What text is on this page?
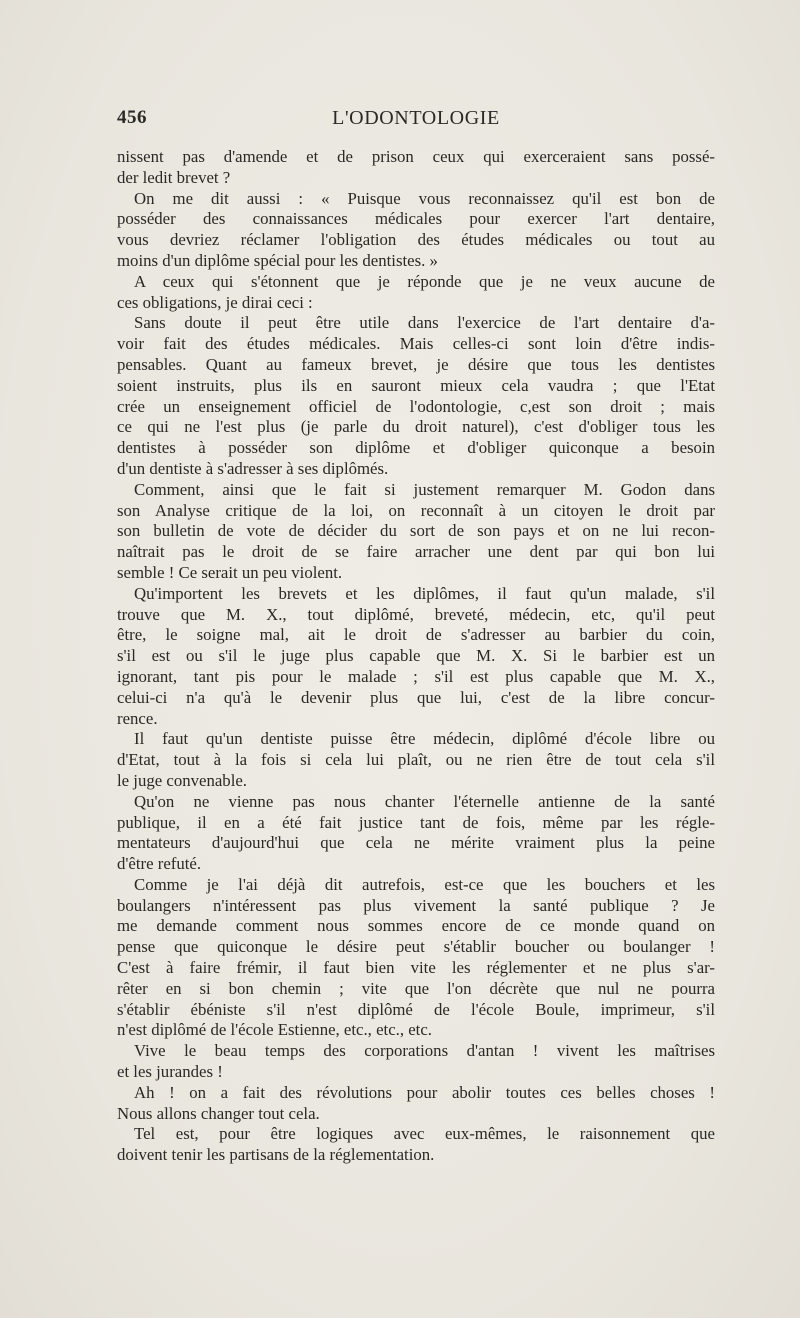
456	L'ODONTOLOGIE
nissent pas d'amende et de prison ceux qui exerceraient sans possé-
der ledit brevet ?
On me dit aussi : « Puisque vous reconnaissez qu'il est bon de
posséder des connaissances médicales pour exercer l'art dentaire,
vous devriez réclamer l'obligation des études médicales ou tout au
moins d'un diplôme spécial pour les dentistes. »
A ceux qui s'étonnent que je réponde que je ne veux aucune de
ces obligations, je dirai ceci :
Sans doute il peut être utile dans l'exercice de l'art dentaire d'a-
voir fait des études médicales. Mais celles-ci sont loin d'être indis-
pensables. Quant au fameux brevet, je désire que tous les dentistes
soient instruits, plus ils en sauront mieux cela vaudra ; que l'Etat
crée un enseignement officiel de l'odontologie, c,est son droit ; mais
ce qui ne l'est plus (je parle du droit naturel), c'est d'obliger tous les
dentistes à posséder son diplôme et d'obliger quiconque a besoin
d'un dentiste à s'adresser à ses diplômés.
Comment, ainsi que le fait si justement remarquer M. Godon dans
son Analyse critique de la loi, on reconnaît à un citoyen le droit par
son bulletin de vote de décider du sort de son pays et on ne lui recon-
naîtrait pas le droit de se faire arracher une dent par qui bon lui
semble ! Ce serait un peu violent.
Qu'importent les brevets et les diplômes, il faut qu'un malade, s'il
trouve que M. X., tout diplômé, breveté, médecin, etc, qu'il peut
être, le soigne mal, ait le droit de s'adresser au barbier du coin,
s'il est ou s'il le juge plus capable que M. X. Si le barbier est un
ignorant, tant pis pour le malade ; s'il est plus capable que M. X.,
celui-ci n'a qu'à le devenir plus que lui, c'est de la libre concur-
rence.
Il faut qu'un dentiste puisse être médecin, diplômé d'école libre ou
d'Etat, tout à la fois si cela lui plaît, ou ne rien être de tout cela s'il
le juge convenable.
Qu'on ne vienne pas nous chanter l'éternelle antienne de la santé
publique, il en a été fait justice tant de fois, même par les régle-
mentateurs d'aujourd'hui que cela ne mérite vraiment plus la peine
d'être refuté.
Comme je l'ai déjà dit autrefois, est-ce que les bouchers et les
boulangers n'intéressent pas plus vivement la santé publique ? Je
me demande comment nous sommes encore de ce monde quand on
pense que quiconque le désire peut s'établir boucher ou boulanger !
C'est à faire frémir, il faut bien vite les réglementer et ne plus s'ar-
rêter en si bon chemin ; vite que l'on décrète que nul ne pourra
s'établir ébéniste s'il n'est diplômé de l'école Boule, imprimeur, s'il
n'est diplômé de l'école Estienne, etc., etc., etc.
Vive le beau temps des corporations d'antan ! vivent les maîtrises
et les jurandes !
Ah ! on a fait des révolutions pour abolir toutes ces belles choses !
Nous allons changer tout cela.
Tel est, pour être logiques avec eux-mêmes, le raisonnement que
doivent tenir les partisans de la réglementation.
